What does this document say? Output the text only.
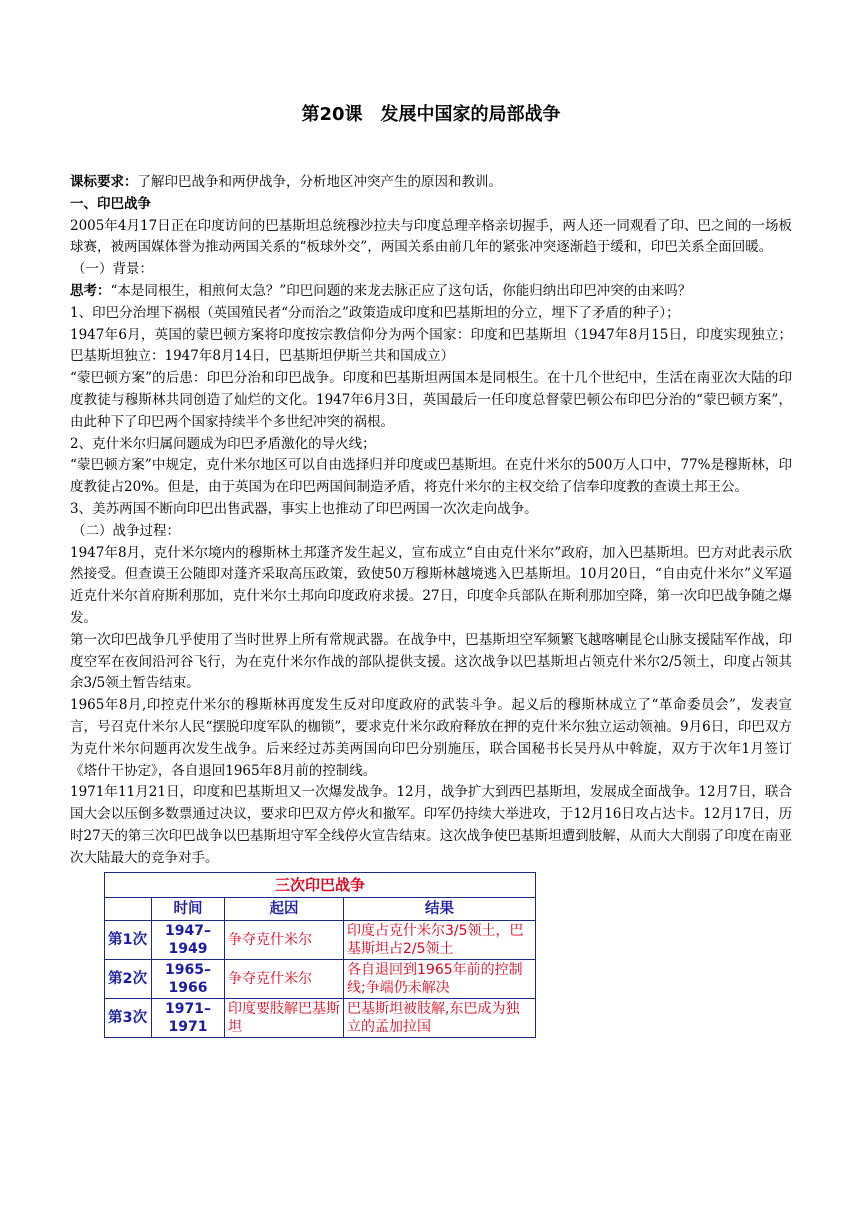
第20课　发展中国家的局部战争

课标要求：了解印巴战争和两伊战争，分析地区冲突产生的原因和教训。

一、印巴战争

2005年4月17日正在印度访问的巴基斯坦总统穆沙拉夫与印度总理辛格亲切握手，两人还一同观看了印、巴之间的一场板球赛，被两国媒体誉为推动两国关系的“板球外交”，两国关系由前几年的紧张冲突逐渐趋于缓和，印巴关系全面回暖。

（一）背景：

思考：“本是同根生，相煎何太急？”印巴问题的来龙去脉正应了这句话，你能归纳出印巴冲突的由来吗？

1、印巴分治埋下祸根（英国殖民者“分而治之”政策造成印度和巴基斯坦的分立，埋下了矛盾的种子）；

1947年6月，英国的蒙巴顿方案将印度按宗教信仰分为两个国家：印度和巴基斯坦（1947年8月15日，印度实现独立；巴基斯坦独立：1947年8月14日，巴基斯坦伊斯兰共和国成立）

“蒙巴顿方案”的后患：印巴分治和印巴战争。印度和巴基斯坦两国本是同根生。在十几个世纪中，生活在南亚次大陆的印度教徒与穆斯林共同创造了灿烂的文化。1947年6月3日，英国最后一任印度总督蒙巴顿公布印巴分治的“蒙巴顿方案”，由此种下了印巴两个国家持续半个多世纪冲突的祸根。

2、克什米尔归属问题成为印巴矛盾激化的导火线；

“蒙巴顿方案”中规定，克什米尔地区可以自由选择归并印度或巴基斯坦。在克什米尔的500万人口中，77%是穆斯林，印度教徒占20%。但是，由于英国为在印巴两国间制造矛盾，将克什米尔的主权交给了信奉印度教的查谟土邦王公。

3、美苏两国不断向印巴出售武器，事实上也推动了印巴两国一次次走向战争。

（二）战争过程：

1947年8月，克什米尔境内的穆斯林土邦蓬齐发生起义，宣布成立“自由克什米尔”政府，加入巴基斯坦。巴方对此表示欣然接受。但查谟王公随即对蓬齐采取高压政策，致使50万穆斯林越境逃入巴基斯坦。10月20日，“自由克什米尔”义军逼近克什米尔首府斯利那加，克什米尔土邦向印度政府求援。27日，印度伞兵部队在斯利那加空降，第一次印巴战争随之爆发。

第一次印巴战争几乎使用了当时世界上所有常规武器。在战争中，巴基斯坦空军频繁飞越喀喇昆仑山脉支援陆军作战，印度空军在夜间沿河谷飞行，为在克什米尔作战的部队提供支援。这次战争以巴基斯坦占领克什米尔2/5领土，印度占领其余3/5领土暂告结束。

1965年8月,印控克什米尔的穆斯林再度发生反对印度政府的武装斗争。起义后的穆斯林成立了“革命委员会”，发表宣言，号召克什米尔人民“摆脱印度军队的枷锁”，要求克什米尔政府释放在押的克什米尔独立运动领袖。9月6日，印巴双方为克什米尔问题再次发生战争。后来经过苏美两国向印巴分别施压，联合国秘书长吴丹从中斡旋，双方于次年1月签订《塔什干协定》，各自退回1965年8月前的控制线。

1971年11月21日，印度和巴基斯坦又一次爆发战争。12月，战争扩大到西巴基斯坦，发展成全面战争。12月7日，联合国大会以压倒多数票通过决议，要求印巴双方停火和撤军。印军仍持续大举进攻，于12月16日攻占达卡。12月17日，历时27天的第三次印巴战争以巴基斯坦守军全线停火宣告结束。这次战争使巴基斯坦遭到肢解，从而大大削弱了印度在南亚次大陆最大的竞争对手。

三次印巴战争			
	时间	起因	结果
第1次	1947–1949	争夺克什米尔	印度占克什米尔3/5领土，巴基斯坦占2/5领土
第2次	1965–1966	争夺克什米尔	各自退回到1965年前的控制线;争端仍未解决
第3次	1971–1971	印度要肢解巴基斯坦	巴基斯坦被肢解,东巴成为独立的孟加拉国
